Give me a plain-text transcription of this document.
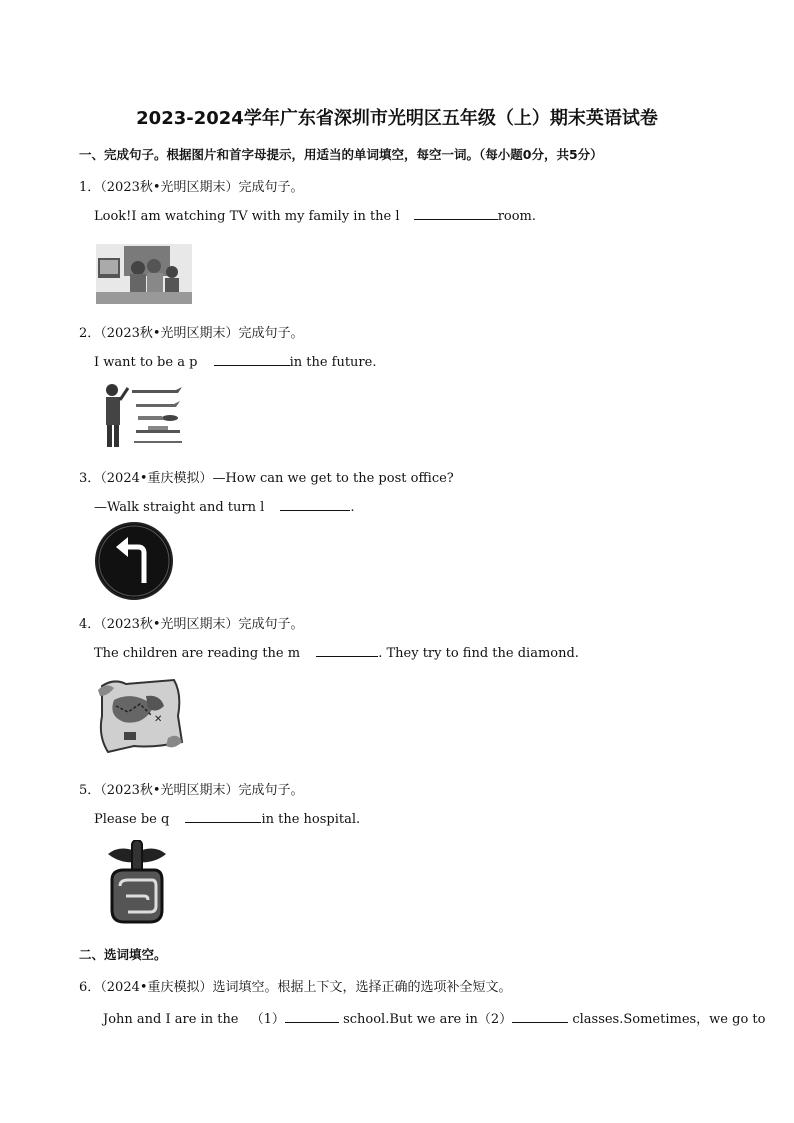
2023-2024学年广东省深圳市光明区五年级（上）期末英语试卷
一、完成句子。根据图片和首字母提示，用适当的单词填空，每空一词。（每小题0分，共5分）
1．（2023秋•光明区期末）完成句子。
Look!I am watching TV with my family in the l	room.
2．（2023秋•光明区期末）完成句子。
I want to be a p	in the future.
3．（2024•重庆模拟）—How can we get to the post office?
—Walk straight and turn l	.
4．（2023秋•光明区期末）完成句子。
The children are reading the m	. They try to find the diamond.
✕
5．（2023秋•光明区期末）完成句子。
Please be q	in the hospital.
二、选词填空。
6．（2024•重庆模拟）选词填空。根据上下文，选择正确的选项补全短文。
John and I are in the （1）	school.But we are in（2）	classes.Sometimes，we go to
